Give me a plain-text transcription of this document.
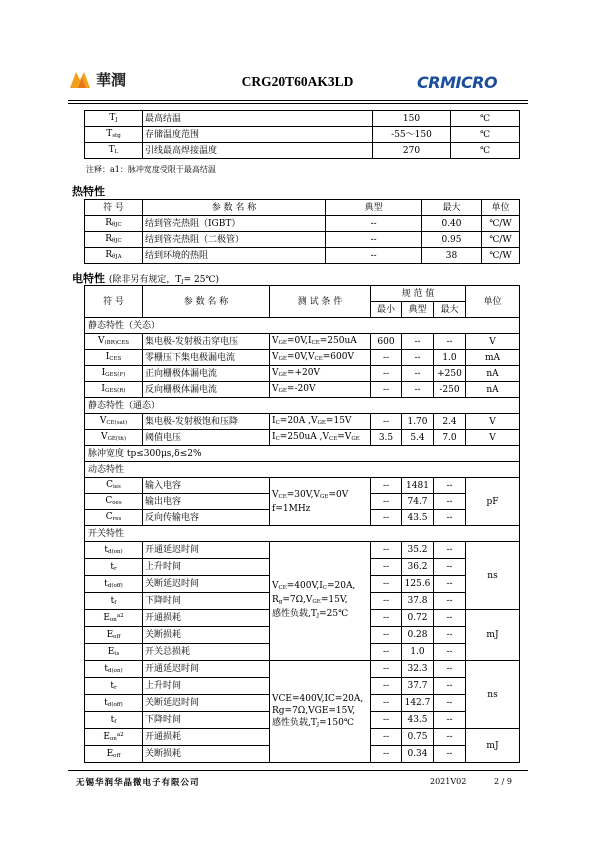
華潤	CRG20T60AK3LD	CRMICRO
$T_J$	最高结温	150	℃
$T_{stg}$	存储温度范围	-55～150	℃
$T_L$	引线最高焊接温度	270	℃
注释：a1：脉冲宽度受限于最高结温
热特性
符 号	参 数 名 称	典型	最大	单位
$R_{\theta JC}$	结到管壳热阻（IGBT）	--	0.40	℃/W
$R_{\theta JC}$	结到管壳热阻（二极管）	--	0.95	℃/W
$R_{\theta JA}$	结到环境的热阻	--	38	℃/W
电特性 (除非另有规定，$T_J=$ 25℃)
符 号	参 数 名 称	测 试 条 件	规 范 值			单位
			最小	典型	最大	
静态特性（关态）						
$V_{(BR)CES}$	集电极-发射极击穿电压	$V_{GE}=0V,I_{CE}=250uA$	600	--	--	V
$I_{CES}$	零栅压下集电极漏电流	$V_{GE}=0V,V_{CE}=600V$	--	--	1.0	mA
$I_{GES(F)}$	正向栅极体漏电流	$V_{GE}=+20V$	--	--	+250	nA
$I_{GES(R)}$	反向栅极体漏电流	$V_{GE}=-20V$	--	--	-250	nA
静态特性（通态）						
$V_{CE(sat)}$	集电极-发射极饱和压降	$I_C=20A$ $,V_{GE}=15V$	--	1.70	2.4	V
$V_{GE(th)}$	阈值电压	$I_C=250uA$ $,V_{CE}=V_{GE}$	3.5	5.4	7.0	V
脉冲宽度 tp≤300μs,δ≤2%						
动态特性						
$C_{ies}$	输入电容	$V_{CE}=30V,V_{GE}=0V$
f=1MHz	--	1481	--	pF
$C_{oes}$	输出电容		--	74.7	--	
$C_{res}$	反向传输电容		--	43.5	--	
开关特性						
$t_{d(on)}$	开通延迟时间	$V_{CE}=400V,I_C=20A$,
$R_g=7\Omega,V_{GE}=15V$,
感性负载$,T_J=25℃$	--	35.2	--	ns
$t_r$	上升时间		--	36.2	--	
$t_{d(off)}$	关断延迟时间		--	125.6	--	
$t_f$	下降时间		--	37.8	--	
$E_{on}^{a2}$	开通损耗		--	0.72	--	mJ
$E_{off}$	关断损耗		--	0.28	--	
$E_{ts}$	开关总损耗		--	1.0	--	
$t_{d(on)}$	开通延迟时间	VCE=400V,IC=20A,
Rg=7Ω,VGE=15V,
感性负载$,T_J=150℃$	--	32.3	--	ns
$t_r$	上升时间		--	37.7	--	
$t_{d(off)}$	关断延迟时间		--	142.7	--	
$t_f$	下降时间		--	43.5	--	
$E_{on}^{a2}$	开通损耗		--	0.75	--	mJ
$E_{off}$	关断损耗		--	0.34	--	
无锡华润华晶微电子有限公司	2021V02	2 / 9
